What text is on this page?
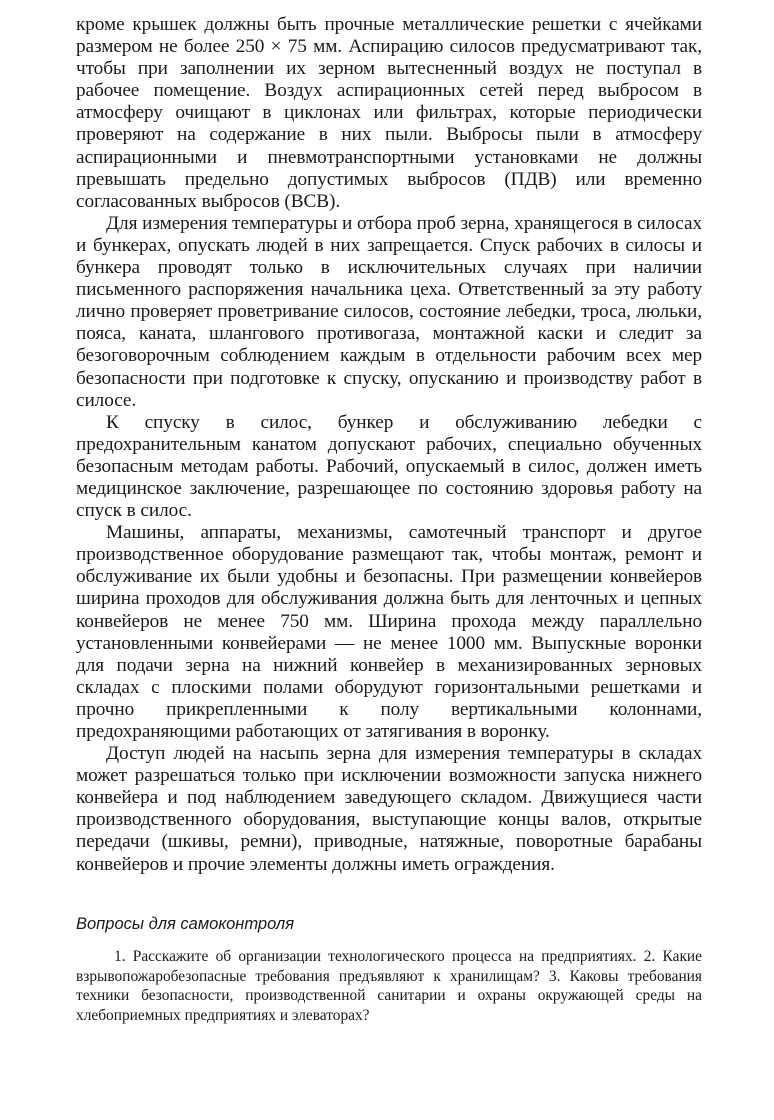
кроме крышек должны быть прочные металлические решетки с ячейками размером не более 250 × 75 мм. Аспирацию силосов предусматривают так, чтобы при заполнении их зерном вытесненный воздух не поступал в рабочее помещение. Воздух аспирационных сетей перед выбросом в атмосферу очищают в циклонах или фильтрах, которые периодически проверяют на содержание в них пыли. Выбросы пыли в атмосферу аспирационными и пневмотранспортными установками не должны превышать предельно допустимых выбросов (ПДВ) или временно согласованных выбросов (ВСВ).

Для измерения температуры и отбора проб зерна, хранящегося в силосах и бункерах, опускать людей в них запрещается. Спуск рабочих в силосы и бункера проводят только в исключительных случаях при наличии письменного распоряжения начальника цеха. Ответственный за эту работу лично проверяет проветривание силосов, состояние лебедки, троса, люльки, пояса, каната, шлангового противогаза, монтажной каски и следит за безоговорочным соблюдением каждым в отдельности рабочим всех мер безопасности при подготовке к спуску, опусканию и производству работ в силосе.

К спуску в силос, бункер и обслуживанию лебедки с предохранительным канатом допускают рабочих, специально обученных безопасным методам работы. Рабочий, опускаемый в силос, должен иметь медицинское заключение, разрешающее по состоянию здоровья работу на спуск в силос.

Машины, аппараты, механизмы, самотечный транспорт и другое производственное оборудование размещают так, чтобы монтаж, ремонт и обслуживание их были удобны и безопасны. При размещении конвейеров ширина проходов для обслуживания должна быть для ленточных и цепных конвейеров не менее 750 мм. Ширина прохода между параллельно установленными конвейерами — не менее 1000 мм. Выпускные воронки для подачи зерна на нижний конвейер в механизированных зерновых складах с плоскими полами оборудуют горизонтальными решетками и прочно прикрепленными к полу вертикальными колоннами, предохраняющими работающих от затягивания в воронку.

Доступ людей на насыпь зерна для измерения температуры в складах может разрешаться только при исключении возможности запуска нижнего конвейера и под наблюдением заведующего складом. Движущиеся части производственного оборудования, выступающие концы валов, открытые передачи (шкивы, ремни), приводные, натяжные, поворотные барабаны конвейеров и прочие элементы должны иметь ограждения.

Вопросы для самоконтроля

1. Расскажите об организации технологического процесса на предприятиях. 2. Какие взрывопожаробезопасные требования предъявляют к хранилищам? 3. Каковы требования техники безопасности, производственной санитарии и охраны окружающей среды на хлебоприемных предприятиях и элеваторах?
